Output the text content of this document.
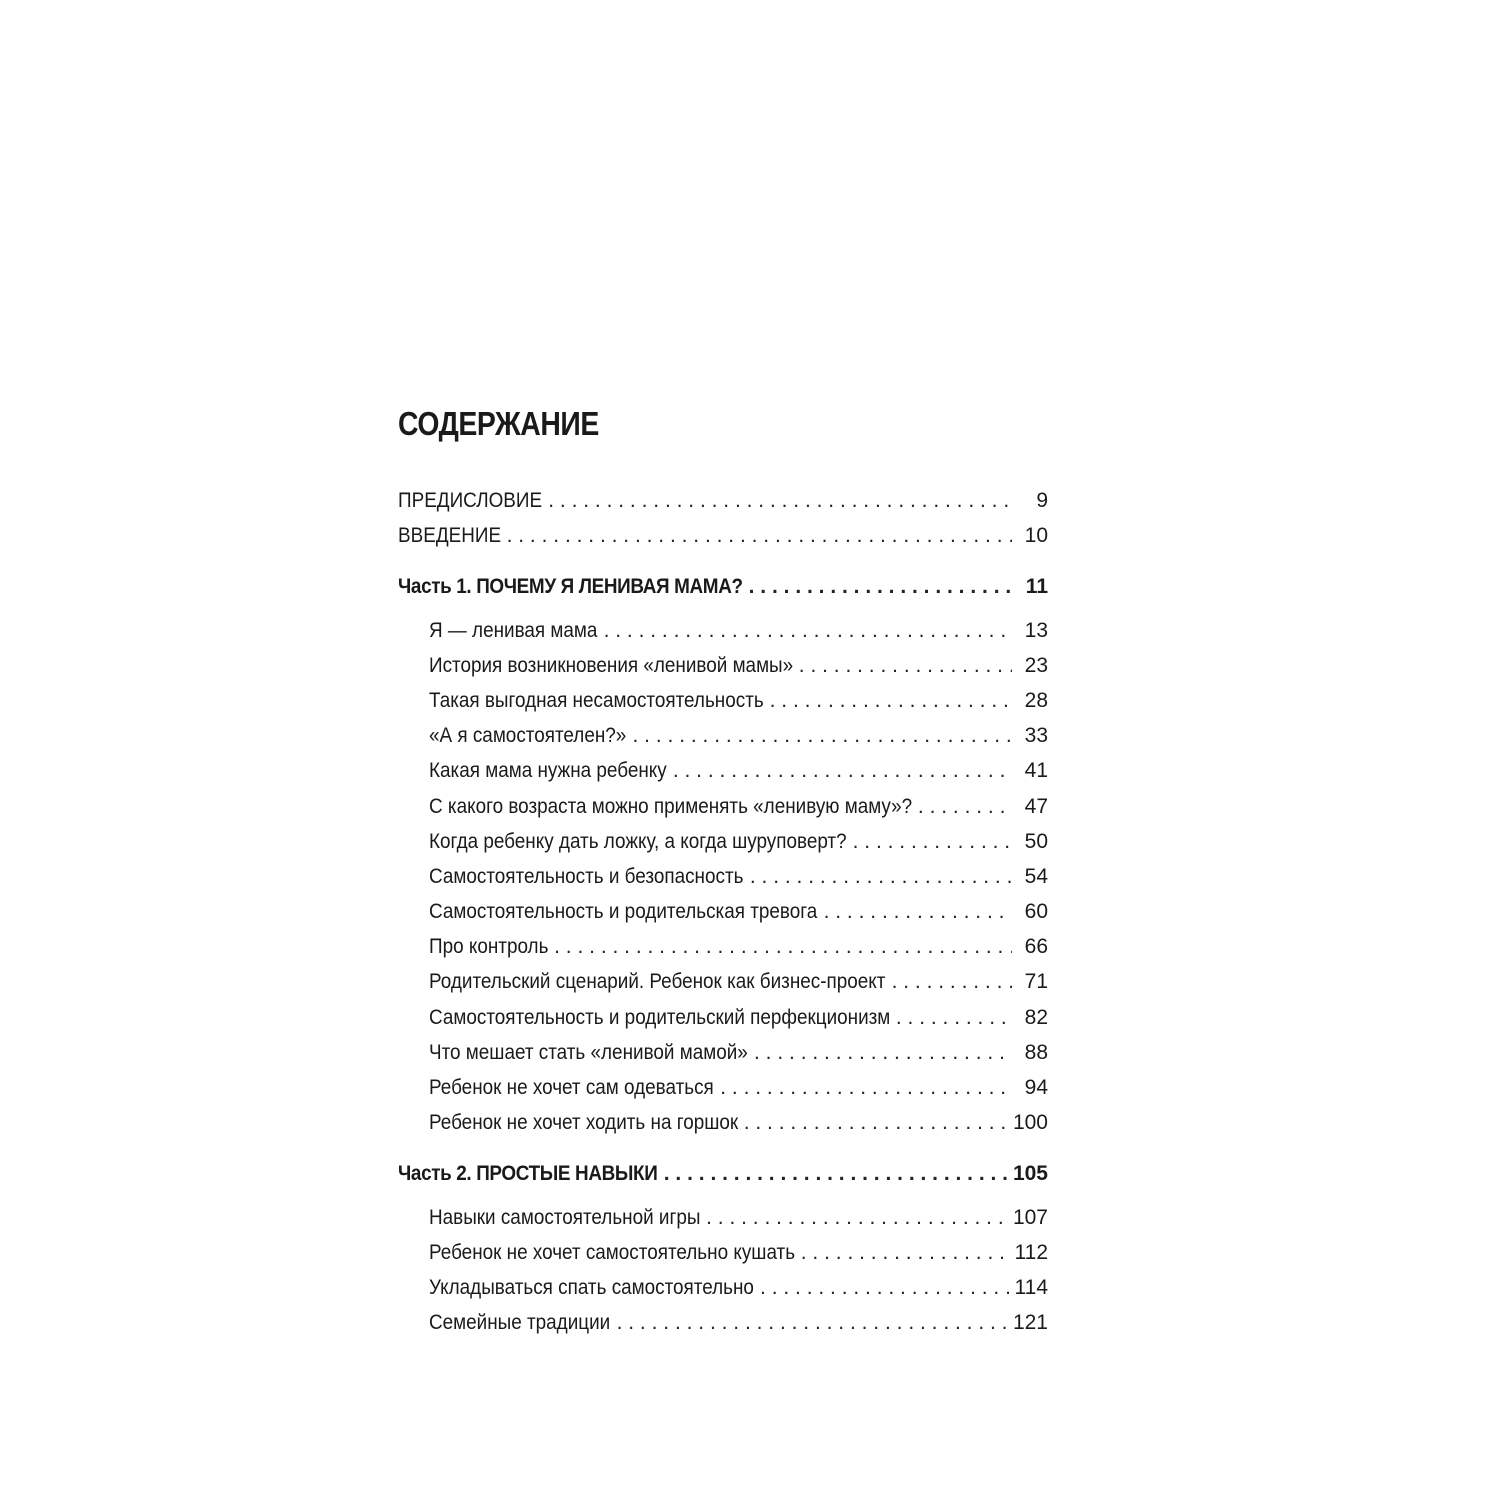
СОДЕРЖАНИЕ
ПРЕДИСЛОВИЕ . . .	9
ВВЕДЕНИЕ . . .	10
Часть 1. ПОЧЕМУ Я ЛЕНИВАЯ МАМА? . . .	11
Я — ленивая мама . . .	13
История возникновения «ленивой мамы» . . .	23
Такая выгодная несамостоятельность . . .	28
«А я самостоятелен?» . . .	33
Какая мама нужна ребенку . . .	41
С какого возраста можно применять «ленивую маму»? . . .	47
Когда ребенку дать ложку, а когда шуруповерт? . . .	50
Самостоятельность и безопасность . . .	54
Самостоятельность и родительская тревога . . .	60
Про контроль . . .	66
Родительский сценарий. Ребенок как бизнес-проект . . .	71
Самостоятельность и родительский перфекционизм . . .	82
Что мешает стать «ленивой мамой» . . .	88
Ребенок не хочет сам одеваться . . .	94
Ребенок не хочет ходить на горшок . . .	100
Часть 2. ПРОСТЫЕ НАВЫКИ . . .	105
Навыки самостоятельной игры . . .	107
Ребенок не хочет самостоятельно кушать . . .	112
Укладываться спать самостоятельно . . .	114
Семейные традиции . . .	121
